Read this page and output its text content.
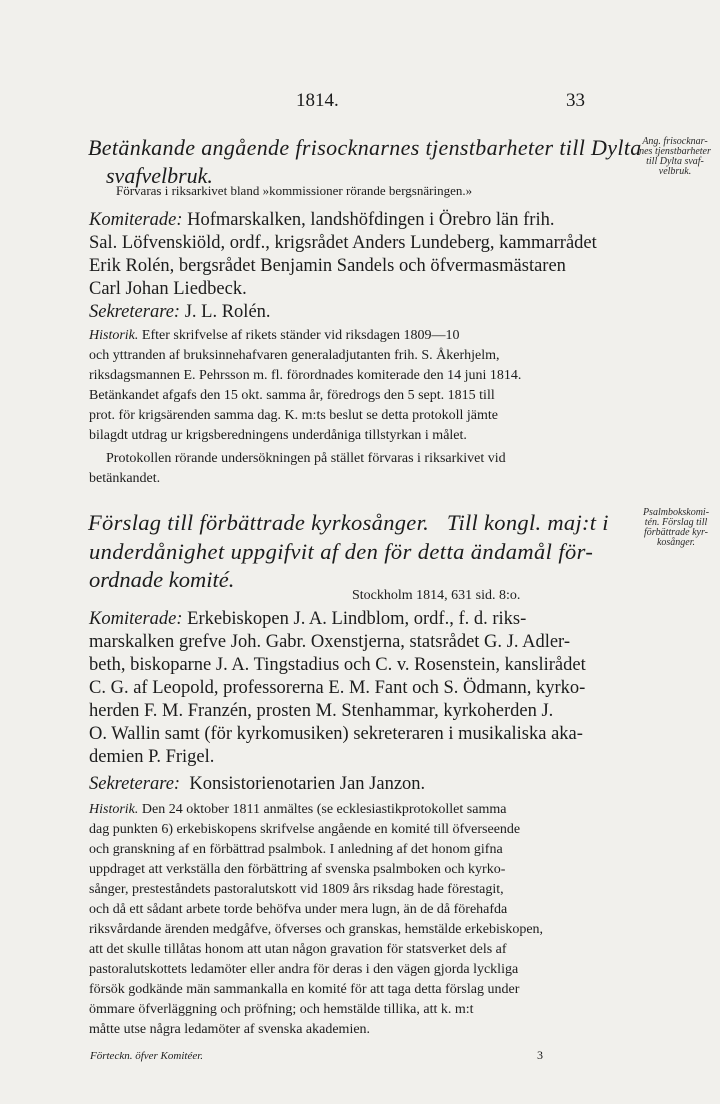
1814.	33
Betänkande angående frisocknarnes tjenstbarheter till Dylta
svafvelbruk.
Ang. frisocknar-
nes tjenstbarheter
till Dylta svaf-
velbruk.
Förvaras i riksarkivet bland »kommissioner rörande bergsnäringen.»
Komiterade: Hofmarskalken, landshöfdingen i Örebro län frih.
Sal. Löfvenskiöld, ordf., krigsrådet Anders Lundeberg, kammarrådet
Erik Rolén, bergsrådet Benjamin Sandels och öfvermasmästaren
Carl Johan Liedbeck.
Sekreterare: J. L. Rolén.
Historik. Efter skrifvelse af rikets ständer vid riksdagen 1809—10
och yttranden af bruksinnehafvaren generaladjutanten frih. S. Åkerhjelm,
riksdagsmannen E. Pehrsson m. fl. förordnades komiterade den 14 juni 1814.
Betänkandet afgafs den 15 okt. samma år, föredrogs den 5 sept. 1815 till
prot. för krigsärenden samma dag. K. m:ts beslut se detta protokoll jämte
bilagdt utdrag ur krigsberedningens underdåniga tillstyrkan i målet.
Protokollen rörande undersökningen på stället förvaras i riksarkivet vid
betänkandet.
Förslag till förbättrade kyrkosånger. Till kongl. maj:t i
underdånighet uppgifvit af den för detta ändamål för-
ordnade komité.
Psalmbokskomi-
tén. Förslag till
förbättrade kyr-
kosånger.
Stockholm 1814, 631 sid. 8:o.
Komiterade: Erkebiskopen J. A. Lindblom, ordf., f. d. riks-
marskalken grefve Joh. Gabr. Oxenstjerna, statsrådet G. J. Adler-
beth, biskoparne J. A. Tingstadius och C. v. Rosenstein, kanslirådet
C. G. af Leopold, professorerna E. M. Fant och S. Ödmann, kyrko-
herden F. M. Franzén, prosten M. Stenhammar, kyrkoherden J.
O. Wallin samt (för kyrkomusiken) sekreteraren i musikaliska aka-
demien P. Frigel.
Sekreterare: Konsistorienotarien Jan Janzon.
Historik. Den 24 oktober 1811 anmältes (se ecklesiastikprotokollet samma
dag punkten 6) erkebiskopens skrifvelse angående en komité till öfverseende
och granskning af en förbättrad psalmbok. I anledning af det honom gifna
uppdraget att verkställa den förbättring af svenska psalmboken och kyrko-
sånger, presteståndets pastoralutskott vid 1809 års riksdag hade förestagit,
och då ett sådant arbete torde behöfva under mera lugn, än de då förehafda
riksvårdande ärenden medgåfve, öfverses och granskas, hemstälde erkebiskopen,
att det skulle tillåtas honom att utan någon gravation för statsverket dels af
pastoralutskottets ledamöter eller andra för deras i den vägen gjorda lyckliga
försök godkände män sammankalla en komité för att taga detta förslag under
ömmare öfverläggning och pröfning; och hemstälde tillika, att k. m:t
måtte utse några ledamöter af svenska akademien.
Förteckn. öfver Komitéer.	3
